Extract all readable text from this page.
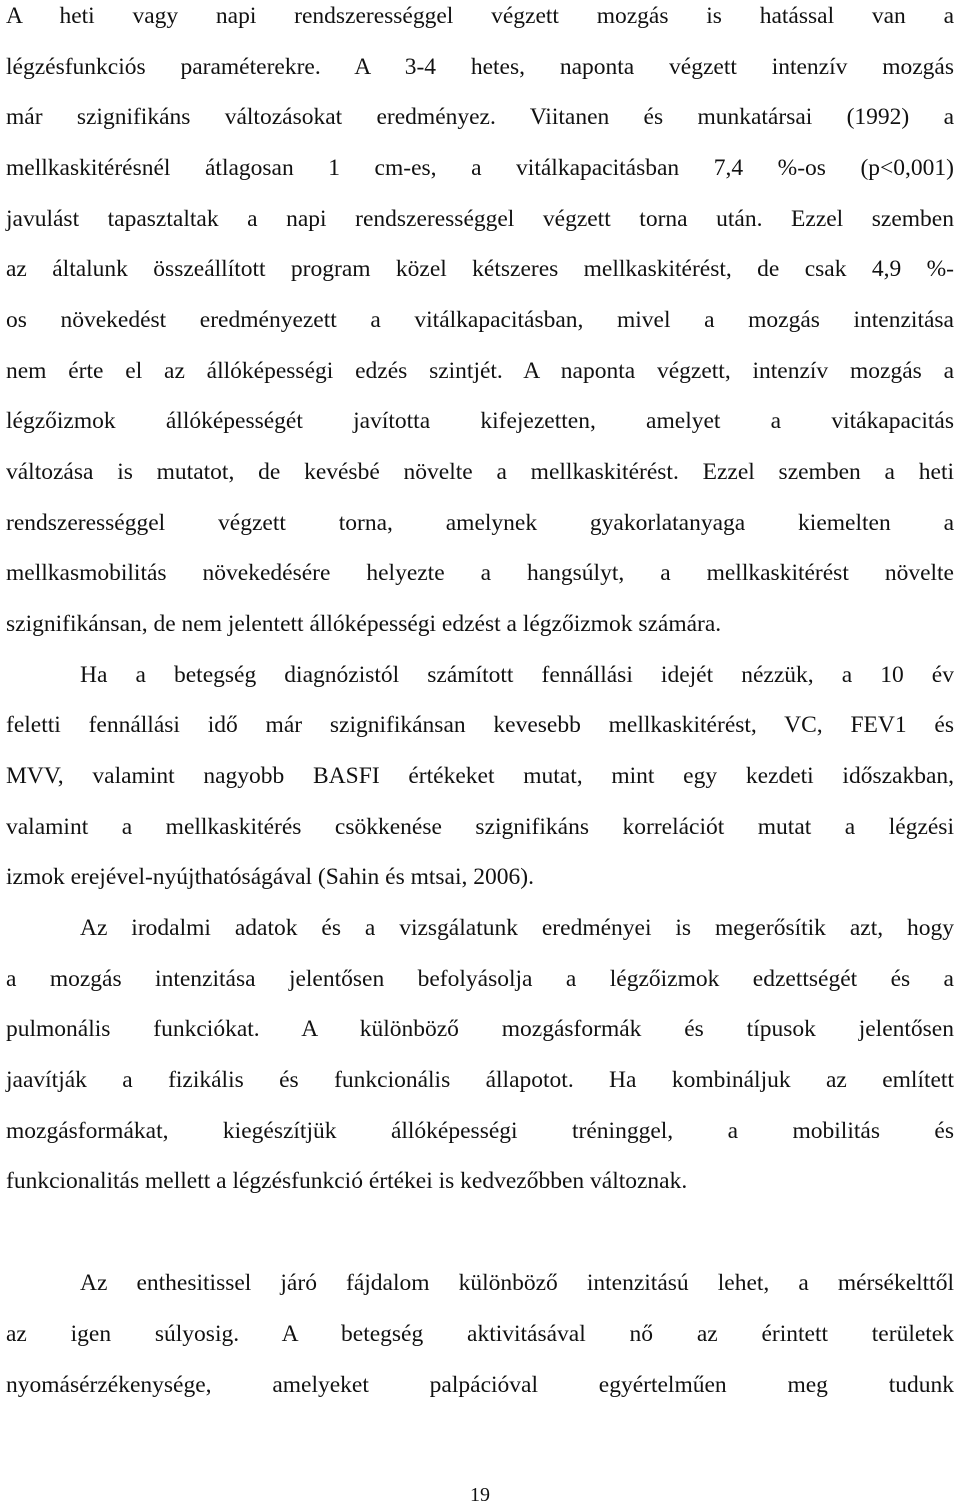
A heti vagy napi rendszerességgel végzett mozgás is hatással van a
légzésfunkciós paraméterekre. A 3-4 hetes, naponta végzett intenzív mozgás
már szignifikáns változásokat eredményez. Viitanen és munkatársai (1992) a
mellkaskitérésnél átlagosan 1 cm-es, a vitálkapacitásban 7,4 %-os (p<0,001)
javulást tapasztaltak a napi rendszerességgel végzett torna után. Ezzel szemben
az általunk összeállított program közel kétszeres mellkaskitérést, de csak 4,9 %-
os növekedést eredményezett a vitálkapacitásban, mivel a mozgás intenzitása
nem érte el az állóképességi edzés szintjét. A naponta végzett, intenzív mozgás a
légzőizmok állóképességét javította kifejezetten, amelyet a vitákapacitás
változása is mutatot, de kevésbé növelte a mellkaskitérést. Ezzel szemben a heti
rendszerességgel végzett torna, amelynek gyakorlatanyaga kiemelten a
mellkasmobilitás növekedésére helyezte a hangsúlyt, a mellkaskitérést növelte
szignifikánsan, de nem jelentett állóképességi edzést a légzőizmok számára.
Ha a betegség diagnózistól számított fennállási idejét nézzük, a 10 év
feletti fennállási idő már szignifikánsan kevesebb mellkaskitérést, VC, FEV1 és
MVV, valamint nagyobb BASFI értékeket mutat, mint egy kezdeti időszakban,
valamint a mellkaskitérés csökkenése szignifikáns korrelációt mutat a légzési
izmok erejével-nyújthatóságával (Sahin és mtsai, 2006).
Az irodalmi adatok és a vizsgálatunk eredményei is megerősítik azt, hogy
a mozgás intenzitása jelentősen befolyásolja a légzőizmok edzettségét és a
pulmonális funkciókat. A különböző mozgásformák és típusok jelentősen
jaavítják a fizikális és funkcionális állapotot. Ha kombináljuk az említett
mozgásformákat, kiegészítjük állóképességi tréninggel, a mobilitás és
funkcionalitás mellett a légzésfunkció értékei is kedvezőbben változnak.
Az enthesitissel járó fájdalom különböző intenzitású lehet, a mérsékelttől
az igen súlyosig. A betegség aktivitásával nő az érintett területek
nyomásérzékenysége, amelyeket palpációval egyértelműen meg tudunk
19
